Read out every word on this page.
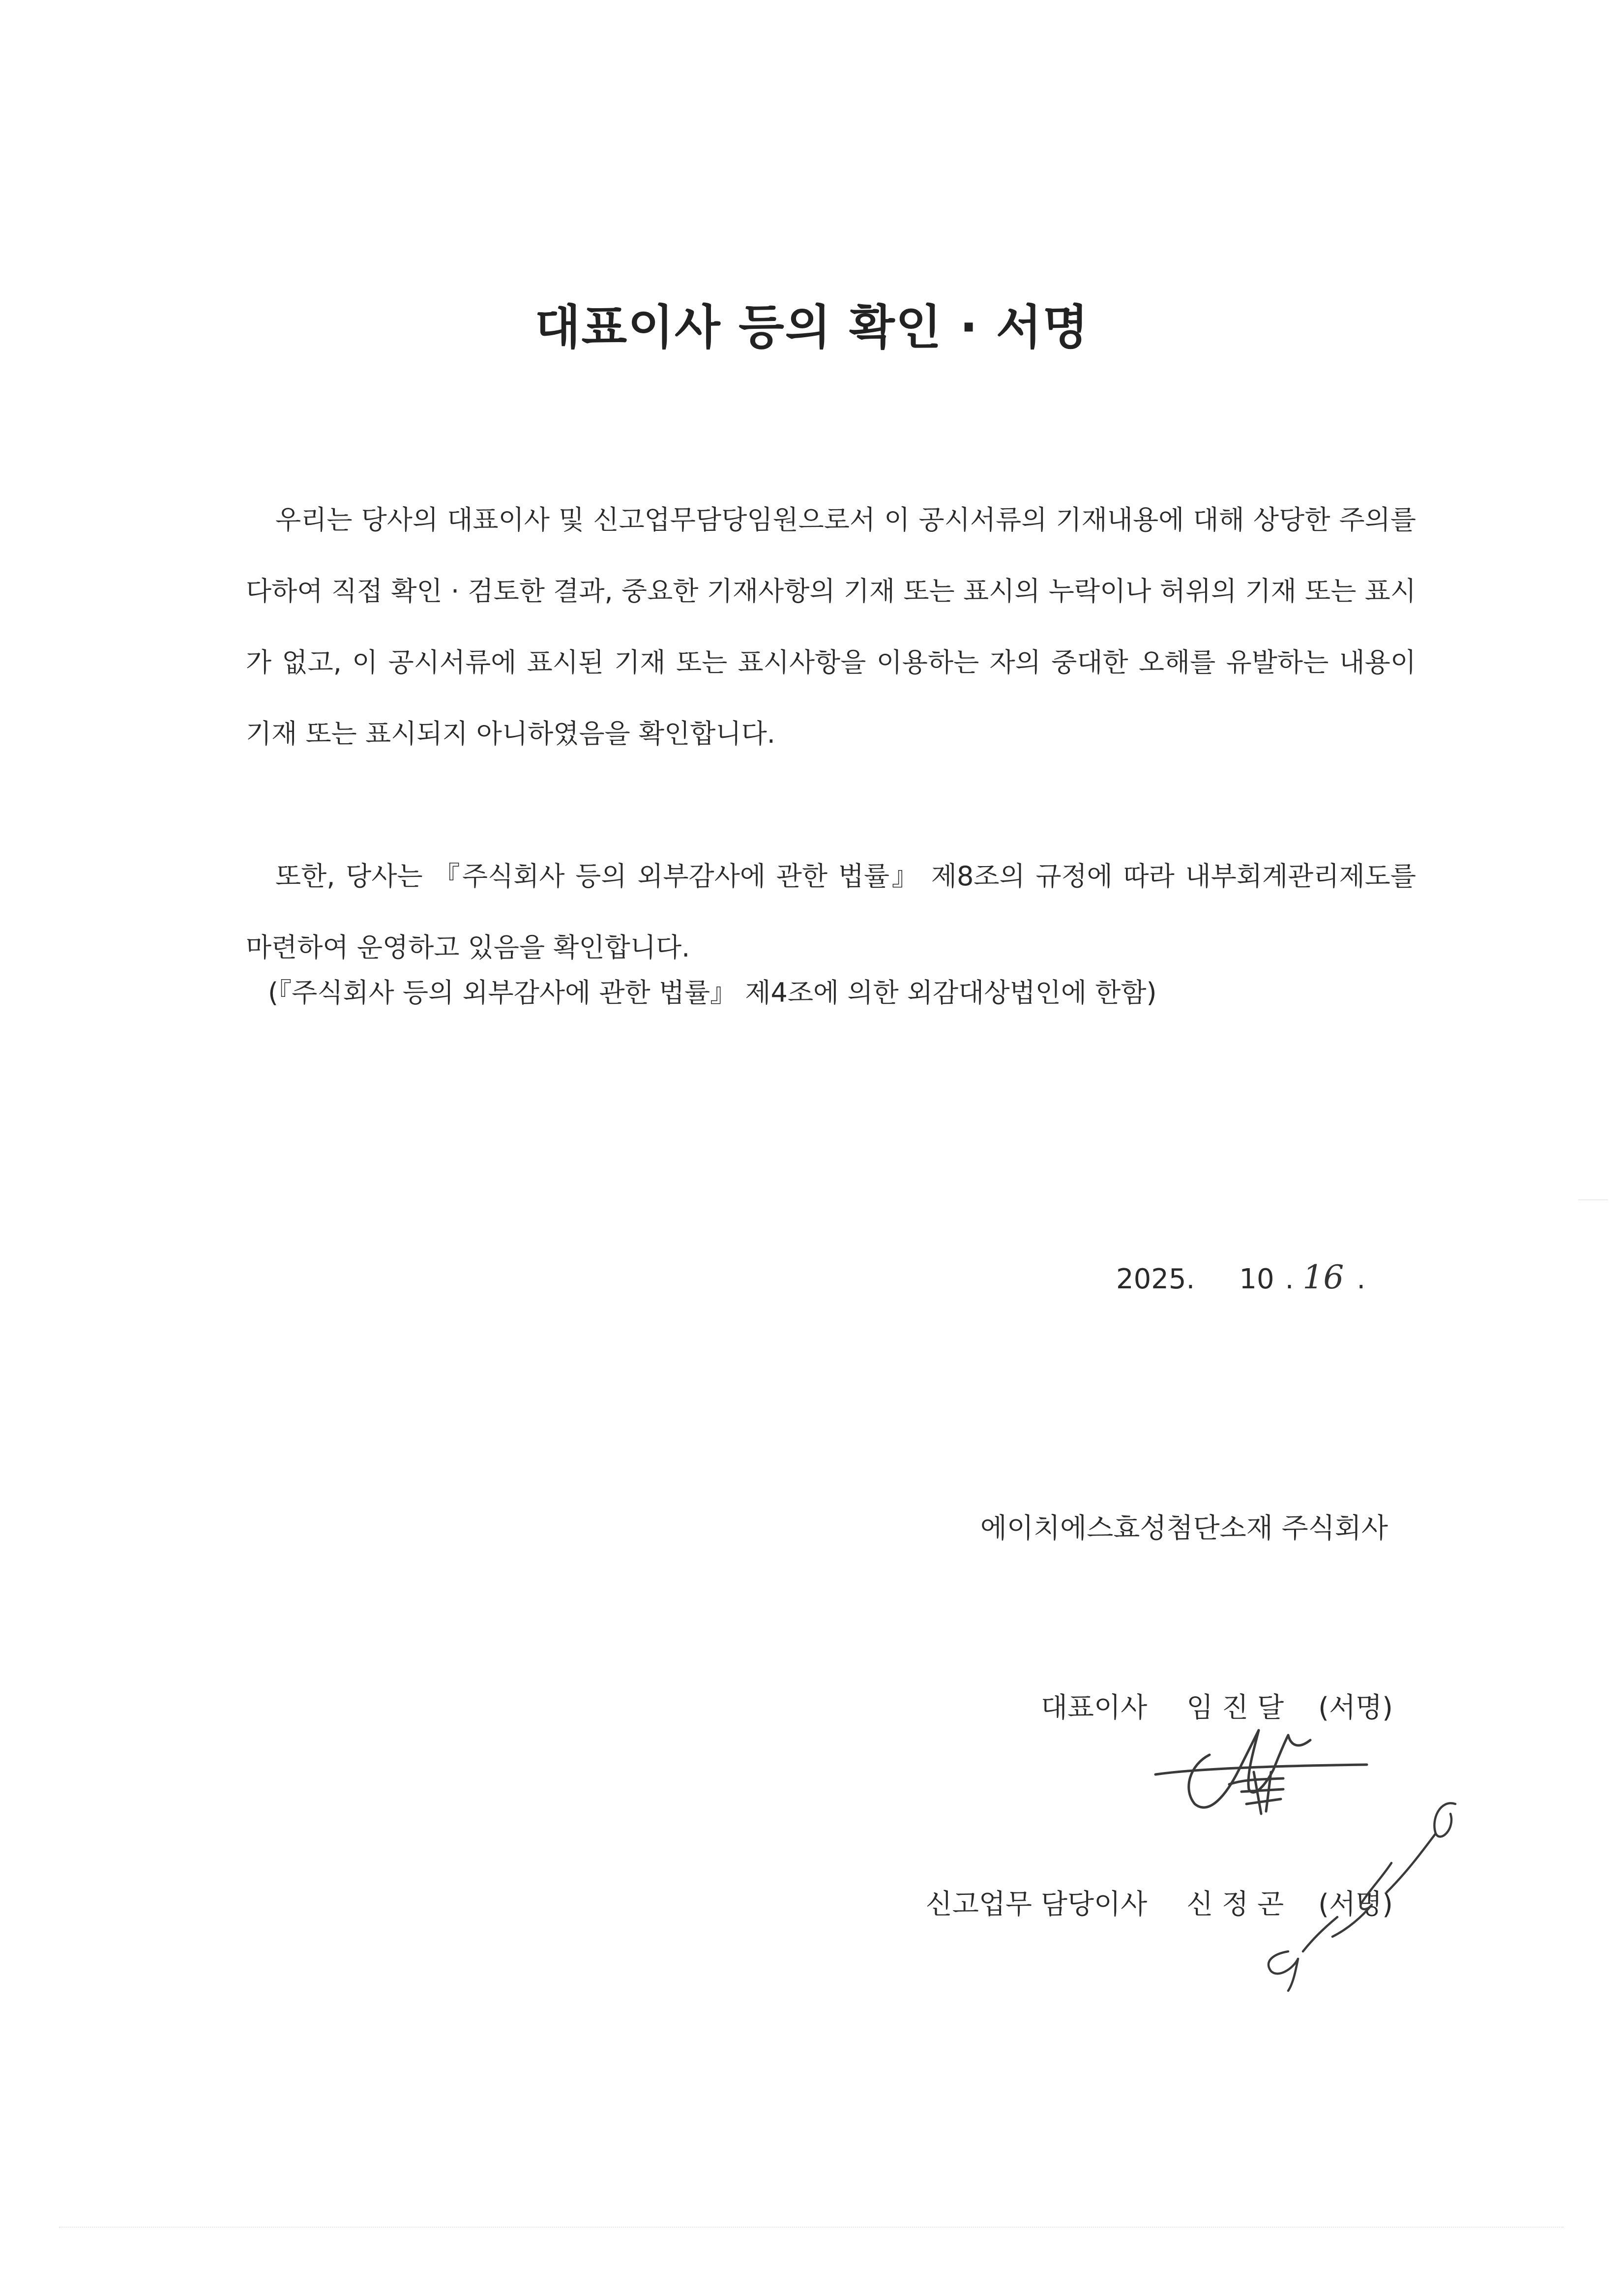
대표이사 등의 확인 · 서명
우리는 당사의 대표이사 및 신고업무담당임원으로서 이 공시서류의 기재내용에 대해 상당한 주의를 다하여 직접 확인 · 검토한 결과, 중요한 기재사항의 기재 또는 표시의 누락이나 허위의 기재 또는 표시가 없고, 이 공시서류에 표시된 기재 또는 표시사항을 이용하는 자의 중대한 오해를 유발하는 내용이 기재 또는 표시되지 아니하였음을 확인합니다.
또한, 당사는 『주식회사 등의 외부감사에 관한 법률』 제8조의 규정에 따라 내부회계관리제도를 마련하여 운영하고 있음을 확인합니다.
(『주식회사 등의 외부감사에 관한 법률』 제4조에 의한 외감대상법인에 한함)
2025. 10 . 16 .
에이치에스효성첨단소재 주식회사
대표이사 임 진 달 (서명)
신고업무 담당이사 신 정 곤 (서명)
